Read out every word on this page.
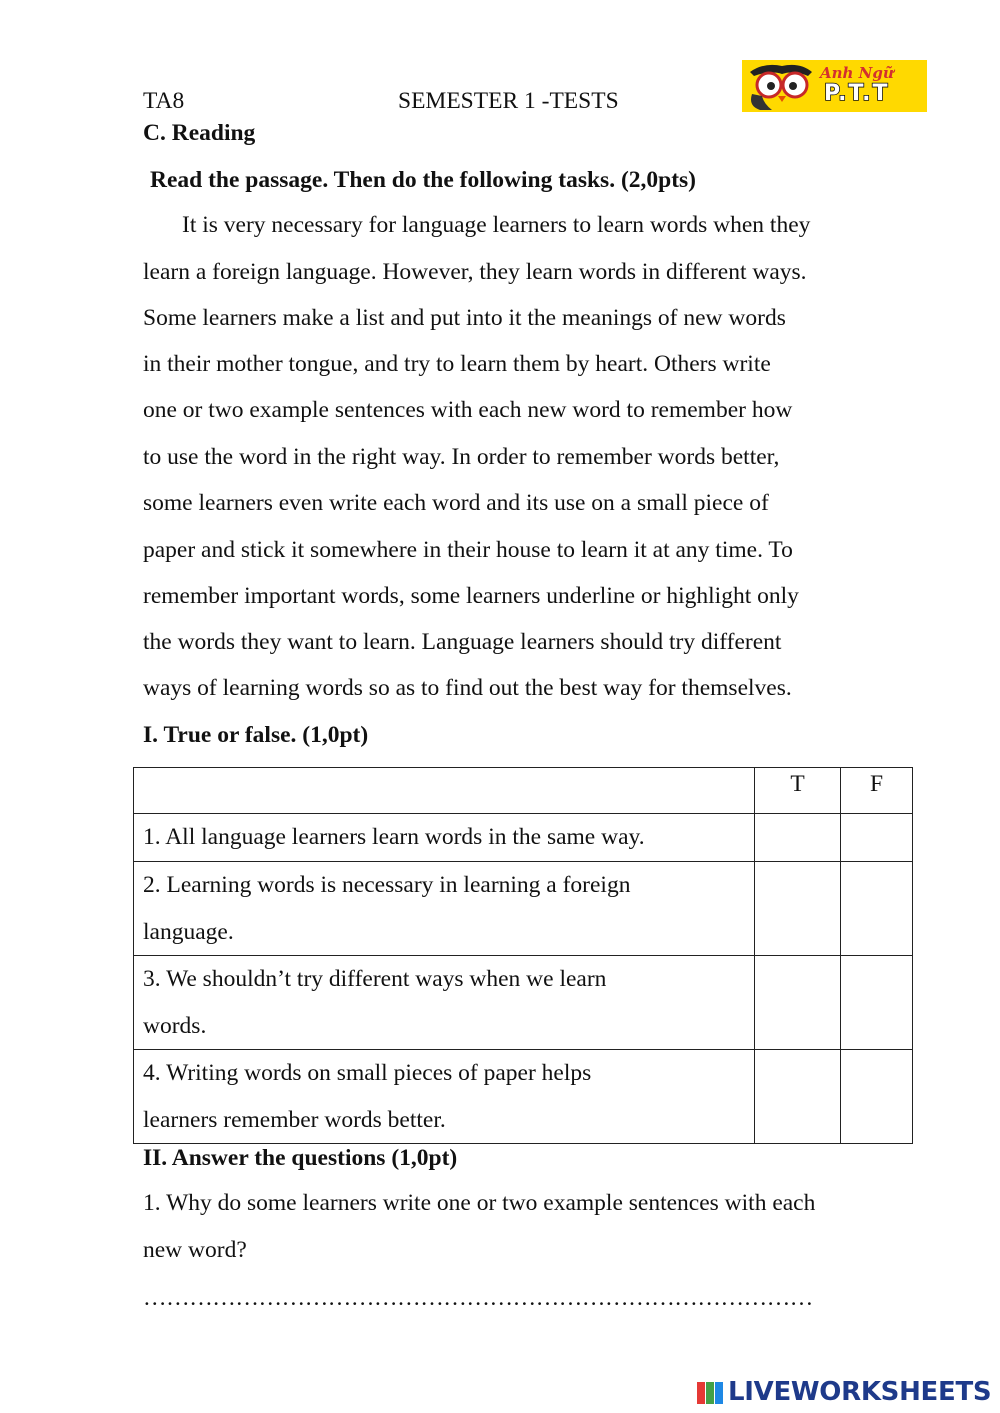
TA8	SEMESTER 1 -TESTS
Anh Ngữ
P.T.T
C. Reading
Read the passage. Then do the following tasks. (2,0pts)
It is very necessary for language learners to learn words when they
learn a foreign language. However, they learn words in different ways.
Some learners make a list and put into it the meanings of new words
in their mother tongue, and try to learn them by heart. Others write
one or two example sentences with each new word to remember how
to use the word in the right way. In order to remember words better,
some learners even write each word and its use on a small piece of
paper and stick it somewhere in their house to learn it at any time. To
remember important words, some learners underline or highlight only
the words they want to learn. Language learners should try different
ways of learning words so as to find out the best way for themselves.
I. True or false. (1,0pt)
	T	F
1. All language learners learn words in the same way.		
2. Learning words is necessary in learning a foreign
language.		
3. We shouldn’t try different ways when we learn
words.		
4. Writing words on small pieces of paper helps
learners remember words better.		
II. Answer the questions (1,0pt)
1. Why do some learners write one or two example sentences with each
new word?
……………………………………………………………………………
LIVEWORKSHEETS
